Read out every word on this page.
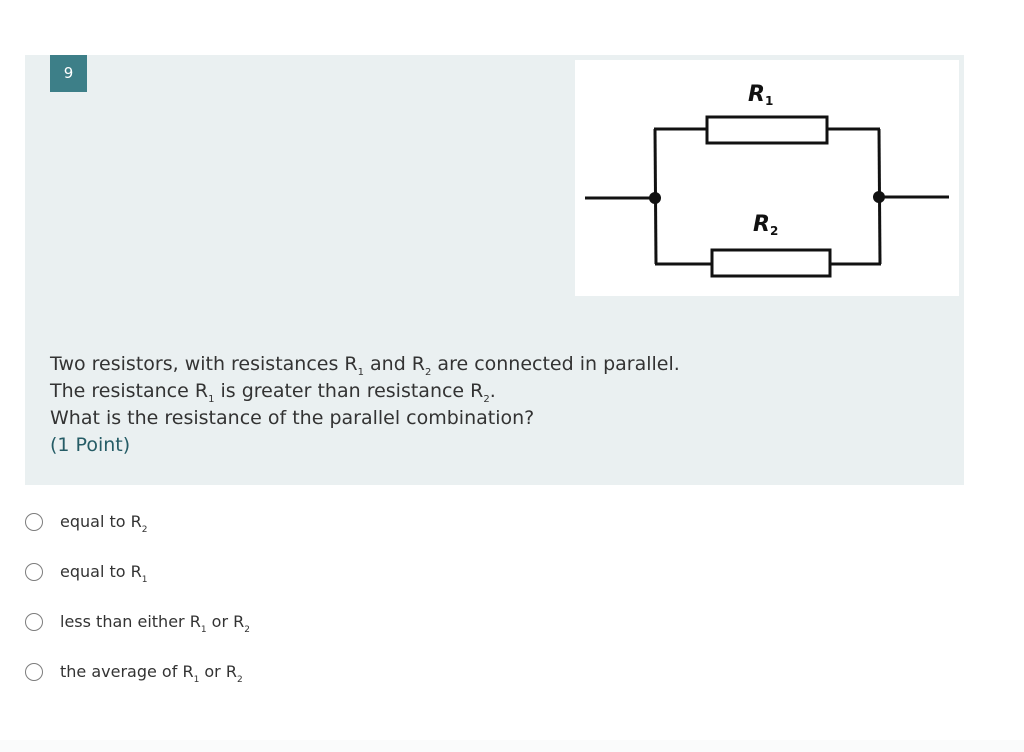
9
R 1
R 2
Two resistors, with resistances $R_1$ and $R_2$ are connected in parallel.
The resistance $R_1$ is greater than resistance $R_2$.
What is the resistance of the parallel combination?
(1 Point)
equal to $R_2$
equal to $R_1$
less than either $R_1$ or $R_2$
the average of $R_1$ or $R_2$
